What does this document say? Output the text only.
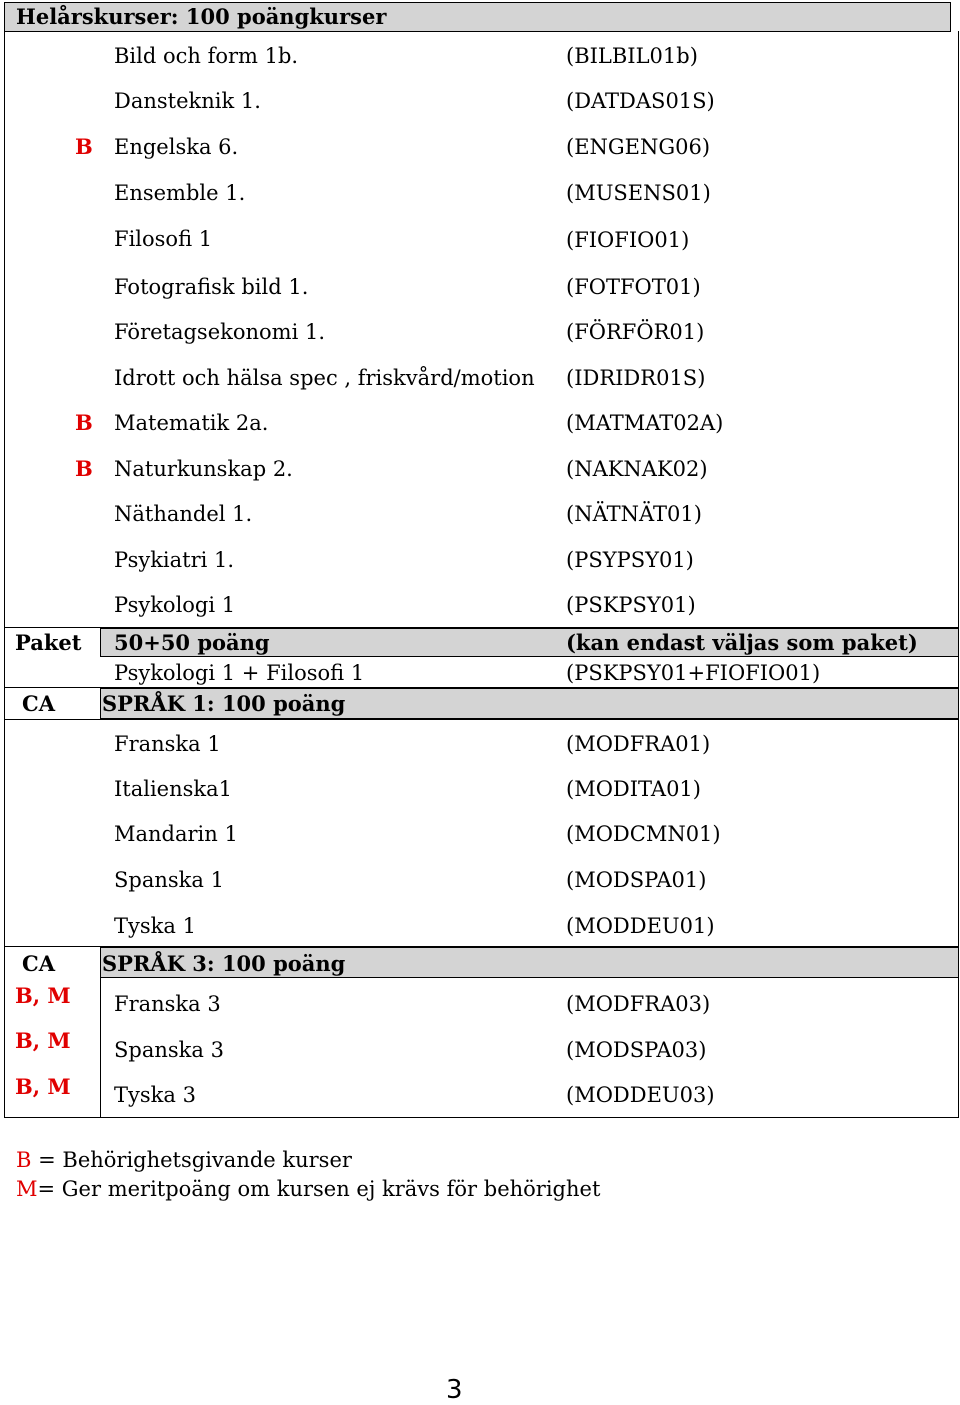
Helårskurser: 100 poängkurser
Bild och form 1b.	(BILBIL01b)
Dansteknik 1.	(DATDAS01S)
B Engelska 6.	(ENGENG06)
Ensemble 1.	(MUSENS01)
Filosofi 1	(FIOFIO01)
Fotografisk bild 1.	(FOTFOT01)
Företagsekonomi 1.	(FÖRFÖR01)
Idrott och hälsa spec , friskvård/motion (IDRIDR01S)
B Matematik 2a.	(MATMAT02A)
B Naturkunskap 2.	(NAKNAK02)
Näthandel 1.	(NÄTNÄT01)
Psykiatri 1.	(PSYPSY01)
Psykologi 1	(PSKPSY01)
Paket 50+50 poäng	(kan endast väljas som paket)
Psykologi 1 + Filosofi 1	(PSKPSY01+FIOFIO01)
CA SPRÅK 1: 100 poäng
Franska 1	(MODFRA01)
Italienska1	(MODITA01)
Mandarin 1	(MODCMN01)
Spanska 1	(MODSPA01)
Tyska 1	(MODDEU01)
CA SPRÅK 3: 100 poäng
B, M Franska 3	(MODFRA03)
B, M Spanska 3	(MODSPA03)
B, M Tyska 3	(MODDEU03)
B = Behörighetsgivande kurser
M= Ger meritpoäng om kursen ej krävs för behörighet
3
